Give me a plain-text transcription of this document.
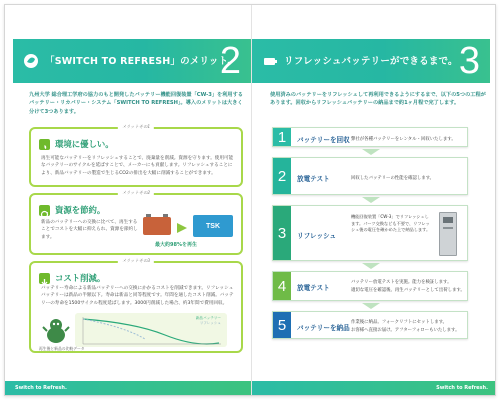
「SWITCH TO REFRESH」のメリット。
2
九州大学 総合理工学府の協力のもと開発したバッテリー機能回復装置「CW-3」を利用するバッテリー・リカバリー・システム「SWITCH TO REFRESH」。導入のメリットは大きく分けて3つあります。
メリットその1
環境に優しい。
再生可能なバッテリーをリフレッシュすることで、廃棄量を削減。資源を守ります。使用可能なバッテリーのサイクルを延ばすことで、メーカーにも貢献します。リフレッシュすることにより、新品バッテリーの製造で生じるCO2の排出を大幅に削減することができます。
メリットその2
資源を節約。
新品のバッテリーへの交換に比べて、再生することでコストを大幅に抑えられ、資源を節約します。
TSK
最大約98%を再生
メリットその3
コスト削減。
バッテリー寿命による新品バッテリーへの交換にかかるコストを削減できます。リフレッシュバッテリーは新品の半額以下。寿命は新品と同等程度です。年間を通したコスト削減。バッテリーの寿命を1500サイクル程度延ばします。3000円削減した場合、約3年間で費用回収。
新品バッテリー
リフレッシュ
再生後と新品の比較データ
Switch to Refresh.
リフレッシュバッテリーができるまで。 3
使用済みのバッテリーをリフレッシュして再利用できるようにするまで、以下の5つの工程があります。回収からリフレッシュバッテリーの納品まで約1ヶ月程で完了します。
1	バッテリーを回収 弊社が各種バッテリーをレンタル・回収いたします。
2	放電テスト	回収したバッテリーの性能を確認します。
3	リフレッシュ
機能回復装置「CW-3」でリフレッシュします。パーツ交換なども不要で、リフレッシュ後の電圧を確かめた上で納品します。
4	放電テスト
バッテリー放電テストを実施。能力を検証します。
適切な電圧を確認後、再生バッテリーとして出荷します。
5	バッテリーを納品
作業後に納品。フォークリフトにセットします。
お客様へ直接お届け。アフターフォローもいたします。
Switch to Refresh.
